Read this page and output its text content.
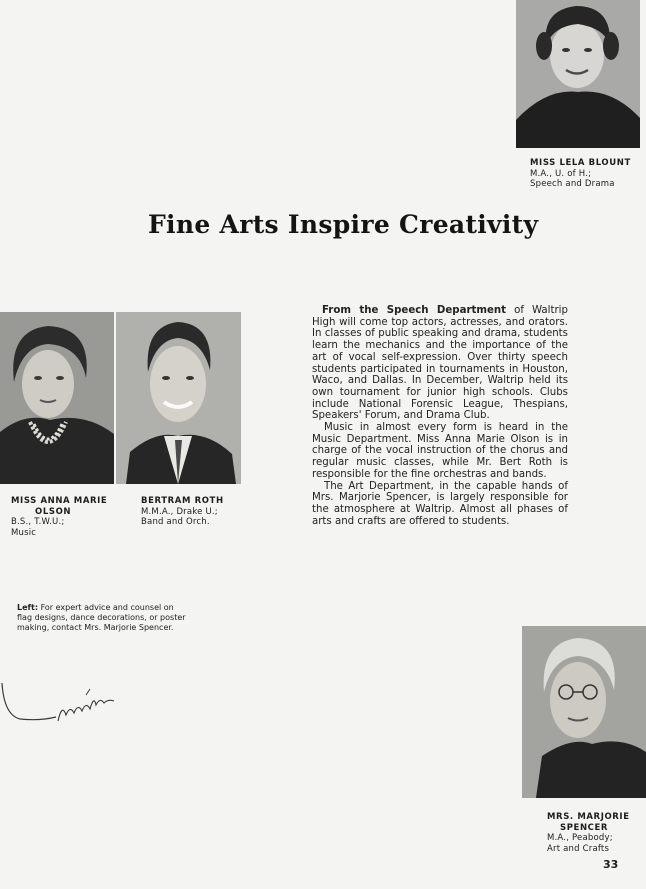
MISS LELA BLOUNT
M.A., U. of H.;
Speech and Drama
Fine Arts Inspire Creativity
MISS ANNA MARIE
OLSON
B.S., T.W.U.;
Music
BERTRAM ROTH
M.M.A., Drake U.;
Band and Orch.

From the Speech Department of Waltrip High will come top actors, actresses, and orators. In classes of public speaking and drama, students learn the mechanics and the importance of the art of vocal self-expression. Over thirty speech students participated in tournaments in Houston, Waco, and Dallas. In December, Waltrip held its own tournament for junior high schools. Clubs include National Forensic League, Thespians, Speakers' Forum, and Drama Club.

Music in almost every form is heard in the Music Department. Miss Anna Marie Olson is in charge of the vocal instruction of the chorus and regular music classes, while Mr. Bert Roth is responsible for the fine orchestras and bands.

The Art Department, in the capable hands of Mrs. Marjorie Spencer, is largely responsible for the atmosphere at Waltrip. Almost all phases of arts and crafts are offered to students.

Left: For expert advice and counsel on flag designs, dance decorations, or poster making, contact Mrs. Marjorie Spencer.
MRS. MARJORIE
SPENCER
M.A., Peabody;
Art and Crafts
33
